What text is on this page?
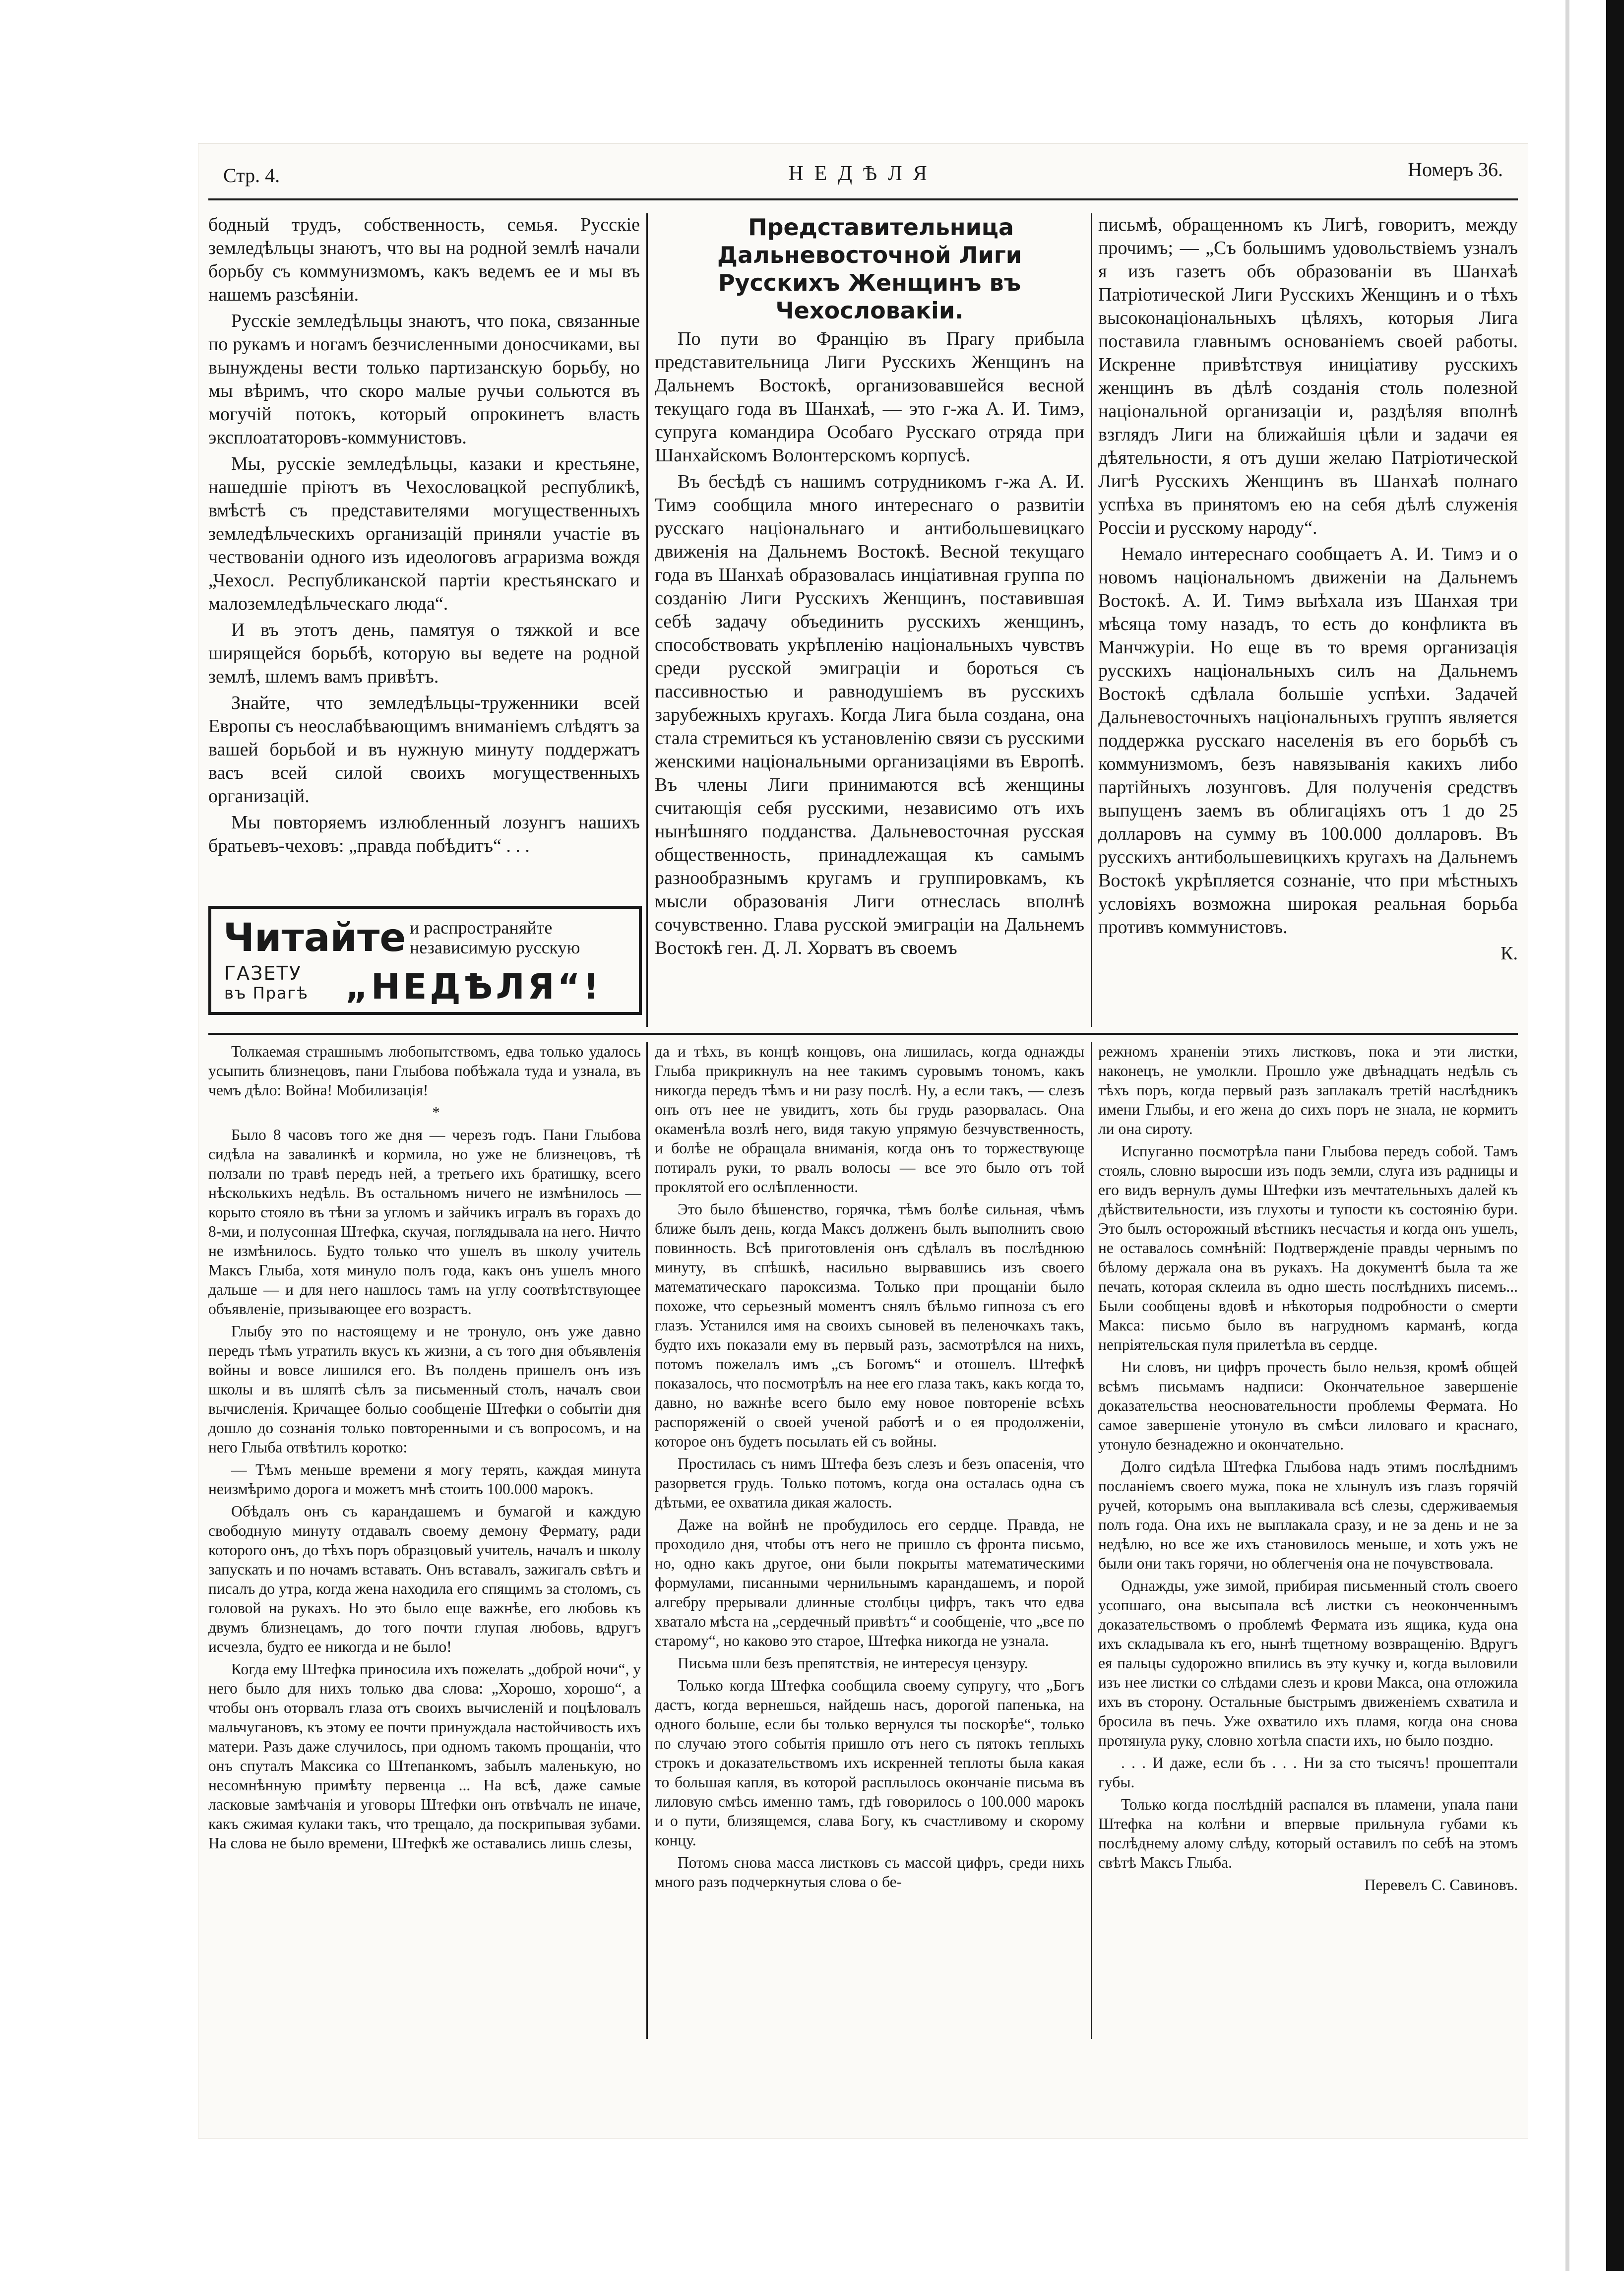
Стр. 4.	НЕДѢЛЯ	Номеръ 36.

бодный трудъ, собственность, семья. Русскіе земледѣльцы знаютъ, что вы на родной землѣ начали борьбу съ коммунизмомъ, какъ ведемъ ее и мы въ нашемъ разсѣяніи.

Русскіе земледѣльцы знаютъ, что пока, связанные по рукамъ и ногамъ безчисленными доносчиками, вы вынуждены вести только партизанскую борьбу, но мы вѣримъ, что скоро малые ручьи сольются въ могучій потокъ, который опрокинетъ власть эксплоататоровъ-коммунистовъ.

Мы, русскіе земледѣльцы, казаки и крестьяне, нашедшіе пріютъ въ Чехословацкой республикѣ, вмѣстѣ съ представителями могущественныхъ земледѣльческихъ организацій приняли участіе въ чествованіи одного изъ идеологовъ аграризма вождя „Чехосл. Республиканской партіи крестьянскаго и малоземледѣльческаго люда“.

И въ этотъ день, памятуя о тяжкой и все ширящейся борьбѣ, которую вы ведете на родной землѣ, шлемъ вамъ привѣтъ.

Знайте, что земледѣльцы-труженники всей Европы съ неослабѣвающимъ вниманіемъ слѣдятъ за вашей борьбой и въ нужную минуту поддержатъ васъ всей силой своихъ могущественныхъ организацій.

Мы повторяемъ излюбленный лозунгъ нашихъ братьевъ-чеховъ: „правда побѣдитъ“ . . .

Читайте и распространяйте
независимую русскую
ГАЗЕТУ
въ Прагѣ „НЕДѢЛЯ“!

Представительница Дальневосточной Лиги Русскихъ Женщинъ въ Чехословакіи.

По пути во Францію въ Прагу прибыла представительница Лиги Русскихъ Женщинъ на Дальнемъ Востокѣ, организовавшейся весной текущаго года въ Шанхаѣ, — это г-жа А. И. Тимэ, супруга командира Особаго Русскаго отряда при Шанхайскомъ Волонтерскомъ корпусѣ.

Въ бесѣдѣ съ нашимъ сотрудникомъ г-жа А. И. Тимэ сообщила много интереснаго о развитіи русскаго національнаго и антибольшевицкаго движенія на Дальнемъ Востокѣ. Весной текущаго года въ Шанхаѣ образовалась инціативная группа по созданію Лиги Русскихъ Женщинъ, поставившая себѣ задачу объединить русскихъ женщинъ, способствовать укрѣпленію національныхъ чувствъ среди русской эмиграціи и бороться съ пассивностью и равнодушіемъ въ русскихъ зарубежныхъ кругахъ. Когда Лига была создана, она стала стремиться къ установленію связи съ русскими женскими національными организаціями въ Европѣ. Въ члены Лиги принимаются всѣ женщины считающія себя русскими, независимо отъ ихъ нынѣшняго подданства. Дальневосточная русская общественность, принадлежащая къ самымъ разнообразнымъ кругамъ и группировкамъ, къ мысли образованія Лиги отнеслась вполнѣ сочувственно. Глава русской эмиграціи на Дальнемъ Востокѣ ген. Д. Л. Хорватъ въ своемъ

письмѣ, обращенномъ къ Лигѣ, говоритъ, между прочимъ; — „Съ большимъ удовольствіемъ узналъ я изъ газетъ объ образованіи въ Шанхаѣ Патріотической Лиги Русскихъ Женщинъ и о тѣхъ высоконаціональныхъ цѣляхъ, которыя Лига поставила главнымъ основаніемъ своей работы. Искренне привѣтствуя иниціативу русскихъ женщинъ въ дѣлѣ созданія столь полезной національной организаціи и, раздѣляя вполнѣ взглядъ Лиги на ближайшія цѣли и задачи ея дѣятельности, я отъ души желаю Патріотической Лигѣ Русскихъ Женщинъ въ Шанхаѣ полнаго успѣха въ принятомъ ею на себя дѣлѣ служенія Россіи и русскому народу“.

Немало интереснаго сообщаетъ А. И. Тимэ и о новомъ національномъ движеніи на Дальнемъ Востокѣ. А. И. Тимэ выѣхала изъ Шанхая три мѣсяца тому назадъ, то есть до конфликта въ Манчжуріи. Но еще въ то время организація русскихъ національныхъ силъ на Дальнемъ Востокѣ сдѣлала большіе успѣхи. Задачей Дальневосточныхъ національныхъ группъ является поддержка русскаго населенія въ его борьбѣ съ коммунизмомъ, безъ навязыванія какихъ либо партійныхъ лозунговъ. Для полученія средствъ выпущенъ заемъ въ облигаціяхъ отъ 1 до 25 долларовъ на сумму въ 100.000 долларовъ. Въ русскихъ антибольшевицкихъ кругахъ на Дальнемъ Востокѣ укрѣпляется сознаніе, что при мѣстныхъ условіяхъ возможна широкая реальная борьба противъ коммунистовъ.

К.

Толкаемая страшнымъ любопытствомъ, едва только удалось усыпить близнецовъ, пани Глыбова побѣжала туда и узнала, въ чемъ дѣло: Война! Мобилизація!

*

Было 8 часовъ того же дня — черезъ годъ. Пани Глыбова сидѣла на завалинкѣ и кормила, но уже не близнецовъ, тѣ ползали по травѣ передъ ней, а третьего ихъ братишку, всего нѣсколькихъ недѣль. Въ остальномъ ничего не измѣнилось — корыто стояло въ тѣни за угломъ и зайчикъ игралъ въ горахъ до 8-ми, и полусонная Штефка, скучая, поглядывала на него. Ничто не измѣнилось. Будто только что ушелъ въ школу учитель Максъ Глыба, хотя минуло полъ года, какъ онъ ушелъ много дальше — и для него нашлось тамъ на углу соотвѣтствующее объявленіе, призывающее его возрастъ.

Глыбу это по настоящему и не тронуло, онъ уже давно передъ тѣмъ утратилъ вкусъ къ жизни, а съ того дня объявленія войны и вовсе лишился его. Въ полдень пришелъ онъ изъ школы и въ шляпѣ сѣлъ за письменный столъ, началъ свои вычисленія. Кричащее болью сообщеніе Штефки о событіи дня дошло до сознанія только повторенными и съ вопросомъ, и на него Глыба отвѣтилъ коротко:

— Тѣмъ меньше времени я могу терять, каждая минута неизмѣримо дорога и можетъ мнѣ стоить 100.000 марокъ.

Обѣдалъ онъ съ карандашемъ и бумагой и каждую свободную минуту отдавалъ своему демону Фермату, ради которого онъ, до тѣхъ поръ образцовый учитель, началъ и школу запускать и по ночамъ вставать. Онъ вставалъ, зажигалъ свѣтъ и писалъ до утра, когда жена находила его спящимъ за столомъ, съ головой на рукахъ. Но это было еще важнѣе, его любовь къ двумъ близнецамъ, до того почти глупая любовь, вдругъ исчезла, будто ее никогда и не было!

Когда ему Штефка приносила ихъ пожелать „доброй ночи“, у него было для нихъ только два слова: „Хорошо, хорошо“, а чтобы онъ оторвалъ глаза отъ своихъ вычисленій и поцѣловалъ мальчугановъ, къ этому ее почти принуждала настойчивость ихъ матери. Разъ даже случилось, при одномъ такомъ прощаніи, что онъ спуталъ Максика со Штепанкомъ, забылъ маленькую, но несомнѣнную примѣту первенца ... На всѣ, даже самые ласковые замѣчанія и уговоры Штефки онъ отвѣчалъ не иначе, какъ сжимая кулаки такъ, что трещало, да поскрипывая зубами. На слова не было времени, Штефкѣ же оставались лишь слезы,

да и тѣхъ, въ концѣ концовъ, она лишилась, когда однажды Глыба прикрикнулъ на нее такимъ суровымъ тономъ, какъ никогда передъ тѣмъ и ни разу послѣ. Ну, а если такъ, — слезъ онъ отъ нее не увидитъ, хоть бы грудь разорвалась. Она окаменѣла возлѣ него, видя такую упрямую безчувственность, и болѣе не обращала вниманія, когда онъ то торжествующе потиралъ руки, то рвалъ волосы — все это было отъ той проклятой его ослѣпленности.

Это было бѣшенство, горячка, тѣмъ болѣе сильная, чѣмъ ближе былъ день, когда Максъ долженъ былъ выполнить свою повинность. Всѣ приготовленія онъ сдѣлалъ въ послѣднюю минуту, въ спѣшкѣ, насильно вырвавшись изъ своего математическаго пароксизма. Только при прощаніи было похоже, что серьезный моментъ снялъ бѣльмо гипноза съ его глазъ. Устанился имя на своихъ сыновей въ пеленочкахъ такъ, будто ихъ показали ему въ первый разъ, засмотрѣлся на нихъ, потомъ пожелалъ имъ „съ Богомъ“ и отошелъ. Штефкѣ показалось, что посмотрѣлъ на нее его глаза такъ, какъ когда то, давно, но важнѣе всего было ему новое повтореніе всѣхъ распоряженій о своей ученой работѣ и о ея продолженіи, которое онъ будетъ посылать ей съ войны.

Простилась съ нимъ Штефа безъ слезъ и безъ опасенія, что разорвется грудь. Только потомъ, когда она осталась одна съ дѣтьми, ее охватила дикая жалость.

Даже на войнѣ не пробудилось его сердце. Правда, не проходило дня, чтобы отъ него не пришло съ фронта письмо, но, одно какъ другое, они были покрыты математическими формулами, писанными чернильнымъ карандашемъ, и порой алгебру прерывали длинные столбцы цифръ, такъ что едва хватало мѣста на „сердечный привѣтъ“ и сообщеніе, что „все по старому“, но каково это старое, Штефка никогда не узнала.

Письма шли безъ препятствія, не интересуя цензуру.

Только когда Штефка сообщила своему супругу, что „Богъ дастъ, когда вернешься, найдешь насъ, дорогой папенька, на одного больше, если бы только вернулся ты поскорѣе“, только по случаю этого событія пришло отъ него съ пятокъ теплыхъ строкъ и доказательствомъ ихъ искренней теплоты была какая то большая капля, въ которой расплылось окончаніе письма въ лиловую смѣсь именно тамъ, гдѣ говорилось о 100.000 марокъ и о пути, близящемся, слава Богу, къ счастливому и скорому концу.

Потомъ снова масса листковъ съ массой цифръ, среди нихъ много разъ подчеркнутыя слова о бе-

режномъ храненіи этихъ листковъ, пока и эти листки, наконецъ, не умолкли. Прошло уже двѣнадцать недѣль съ тѣхъ поръ, когда первый разъ заплакалъ третій наслѣдникъ имени Глыбы, и его жена до сихъ поръ не знала, не кормитъ ли она сироту.

Испуганно посмотрѣла пани Глыбова передъ собой. Тамъ стояль, словно выросши изъ подъ земли, слуга изъ радницы и его видъ вернулъ думы Штефки изъ мечтательныхъ далей къ дѣйствительности, изъ глухоты и тупости къ состоянію бури. Это былъ осторожный вѣстникъ несчастья и когда онъ ушелъ, не оставалось сомнѣній: Подтвержденіе правды чернымъ по бѣлому держала она въ рукахъ. На документѣ была та же печать, которая склеила въ одно шесть послѣднихъ писемъ... Были сообщены вдовѣ и нѣкоторыя подробности о смерти Макса: письмо было въ нагрудномъ карманѣ, когда непріятельская пуля прилетѣла въ сердце.

Ни словъ, ни цифръ прочесть было нельзя, кромѣ общей всѣмъ письмамъ надписи: Окончательное завершеніе доказательства неосновательности проблемы Фермата. Но самое завершеніе утонуло въ смѣси лиловаго и краснаго, утонуло безнадежно и окончательно.

Долго сидѣла Штефка Глыбова надъ этимъ послѣднимъ посланіемъ своего мужа, пока не хлынулъ изъ глазъ горячій ручей, которымъ она выплакивала всѣ слезы, сдерживаемыя полъ года. Она ихъ не выплакала сразу, и не за день и не за недѣлю, но все же ихъ становилось меньше, и хоть ужъ не были они такъ горячи, но облегченія она не почувствовала.

Однажды, уже зимой, прибирая письменный столъ своего усопшаго, она высыпала всѣ листки съ неоконченнымъ доказательствомъ о проблемѣ Фермата изъ ящика, куда она ихъ складывала къ его, нынѣ тщетному возвращенію. Вдругъ ея пальцы судорожно впились въ эту кучку и, когда выловили изъ нее листки со слѣдами слезъ и крови Макса, она отложила ихъ въ сторону. Остальные быстрымъ движеніемъ схватила и бросила въ печь. Уже охватило ихъ пламя, когда она снова протянула руку, словно хотѣла спасти ихъ, но было поздно.

. . . И даже, если бъ . . . Ни за сто тысячъ! прошептали губы.

Только когда послѣдній распался въ пламени, упала пани Штефка на колѣни и впервые прильнула губами къ послѣднему алому слѣду, который оставилъ по себѣ на этомъ свѣтѣ Максъ Глыба.

Перевелъ С. Савиновъ.
